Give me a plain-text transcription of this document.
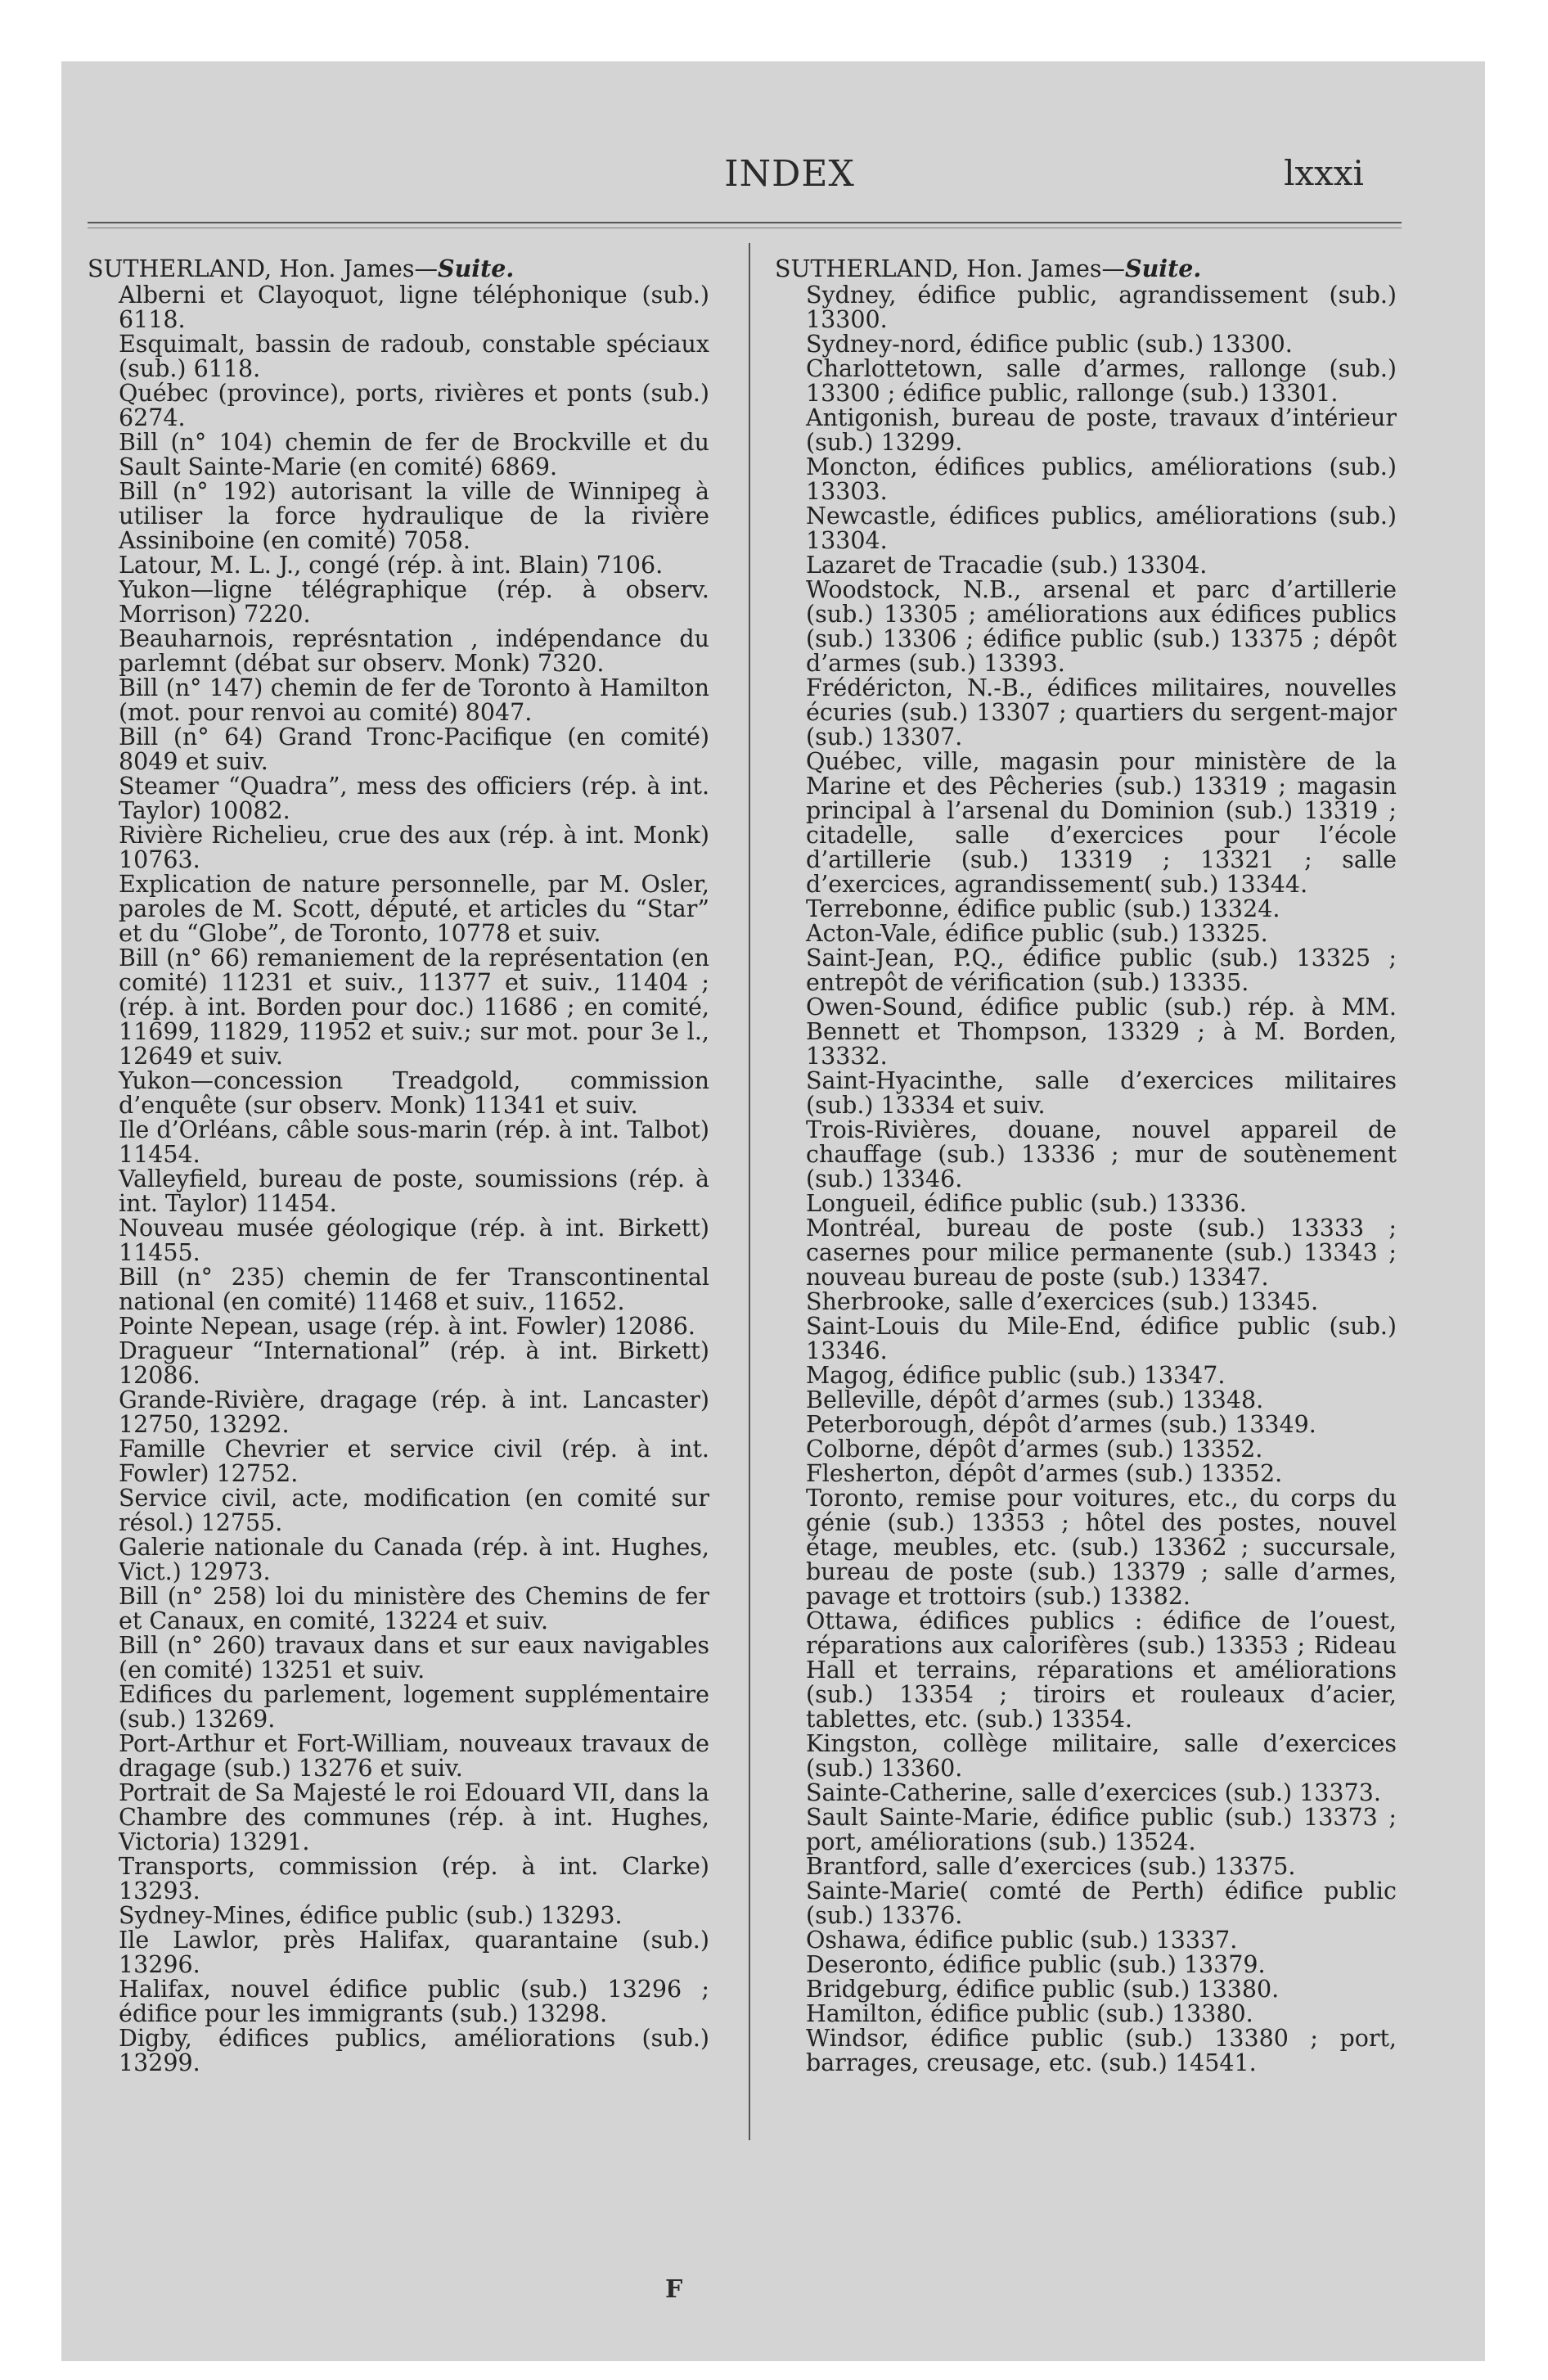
INDEX	lxxxi
SUTHERLAND, Hon. James—Suite.
Alberni et Clayoquot, ligne téléphonique (sub.) 6118.
Esquimalt, bassin de radoub, constable spéciaux (sub.) 6118.
Québec (province), ports, rivières et ponts (sub.) 6274.
Bill (n° 104) chemin de fer de Brockville et du Sault Sainte-Marie (en comité) 6869.
Bill (n° 192) autorisant la ville de Winnipeg à utiliser la force hydraulique de la rivière Assiniboine (en comité) 7058.
Latour, M. L. J., congé (rép. à int. Blain) 7106.
Yukon—ligne télégraphique (rép. à observ. Morrison) 7220.
Beauharnois, représntation , indépendance du parlemnt (débat sur observ. Monk) 7320.
Bill (n° 147) chemin de fer de Toronto à Hamilton (mot. pour renvoi au comité) 8047.
Bill (n° 64) Grand Tronc-Pacifique (en comité) 8049 et suiv.
Steamer “Quadra”, mess des officiers (rép. à int. Taylor) 10082.
Rivière Richelieu, crue des aux (rép. à int. Monk) 10763.
Explication de nature personnelle, par M. Osler, paroles de M. Scott, député, et articles du “Star” et du “Globe”, de Toronto, 10778 et suiv.
Bill (n° 66) remaniement de la représentation (en comité) 11231 et suiv., 11377 et suiv., 11404 ; (rép. à int. Borden pour doc.) 11686 ; en comité, 11699, 11829, 11952 et suiv.; sur mot. pour 3e l., 12649 et suiv.
Yukon—concession Treadgold, commission d’enquête (sur observ. Monk) 11341 et suiv.
Ile d’Orléans, câble sous-marin (rép. à int. Talbot) 11454.
Valleyfield, bureau de poste, soumissions (rép. à int. Taylor) 11454.
Nouveau musée géologique (rép. à int. Birkett) 11455.
Bill (n° 235) chemin de fer Transcontinental national (en comité) 11468 et suiv., 11652.
Pointe Nepean, usage (rép. à int. Fowler) 12086.
Dragueur “International” (rép. à int. Birkett) 12086.
Grande-Rivière, dragage (rép. à int. Lancaster) 12750, 13292.
Famille Chevrier et service civil (rép. à int. Fowler) 12752.
Service civil, acte, modification (en comité sur résol.) 12755.
Galerie nationale du Canada (rép. à int. Hughes, Vict.) 12973.
Bill (n° 258) loi du ministère des Chemins de fer et Canaux, en comité, 13224 et suiv.
Bill (n° 260) travaux dans et sur eaux navigables (en comité) 13251 et suiv.
Edifices du parlement, logement supplémentaire (sub.) 13269.
Port-Arthur et Fort-William, nouveaux travaux de dragage (sub.) 13276 et suiv.
Portrait de Sa Majesté le roi Edouard VII, dans la Chambre des communes (rép. à int. Hughes, Victoria) 13291.
Transports, commission (rép. à int. Clarke) 13293.
Sydney-Mines, édifice public (sub.) 13293.
Ile Lawlor, près Halifax, quarantaine (sub.) 13296.
Halifax, nouvel édifice public (sub.) 13296 ; édifice pour les immigrants (sub.) 13298.
Digby, édifices publics, améliorations (sub.) 13299.
SUTHERLAND, Hon. James—Suite.
Sydney, édifice public, agrandissement (sub.) 13300.
Sydney-nord, édifice public (sub.) 13300.
Charlottetown, salle d’armes, rallonge (sub.) 13300 ; édifice public, rallonge (sub.) 13301.
Antigonish, bureau de poste, travaux d’intérieur (sub.) 13299.
Moncton, édifices publics, améliorations (sub.) 13303.
Newcastle, édifices publics, améliorations (sub.) 13304.
Lazaret de Tracadie (sub.) 13304.
Woodstock, N.B., arsenal et parc d’artillerie (sub.) 13305 ; améliorations aux édifices publics (sub.) 13306 ; édifice public (sub.) 13375 ; dépôt d’armes (sub.) 13393.
Frédéricton, N.-B., édifices militaires, nouvelles écuries (sub.) 13307 ; quartiers du sergent-major (sub.) 13307.
Québec, ville, magasin pour ministère de la Marine et des Pêcheries (sub.) 13319 ; magasin principal à l’arsenal du Dominion (sub.) 13319 ; citadelle, salle d’exercices pour l’école d’artillerie (sub.) 13319 ; 13321 ; salle d’exercices, agrandissement( sub.) 13344.
Terrebonne, édifice public (sub.) 13324.
Acton-Vale, édifice public (sub.) 13325.
Saint-Jean, P.Q., édifice public (sub.) 13325 ; entrepôt de vérification (sub.) 13335.
Owen-Sound, édifice public (sub.) rép. à MM. Bennett et Thompson, 13329 ; à M. Borden, 13332.
Saint-Hyacinthe, salle d’exercices militaires (sub.) 13334 et suiv.
Trois-Rivières, douane, nouvel appareil de chauffage (sub.) 13336 ; mur de soutènement (sub.) 13346.
Longueil, édifice public (sub.) 13336.
Montréal, bureau de poste (sub.) 13333 ; casernes pour milice permanente (sub.) 13343 ; nouveau bureau de poste (sub.) 13347.
Sherbrooke, salle d’exercices (sub.) 13345.
Saint-Louis du Mile-End, édifice public (sub.) 13346.
Magog, édifice public (sub.) 13347.
Belleville, dépôt d’armes (sub.) 13348.
Peterborough, dépôt d’armes (sub.) 13349.
Colborne, dépôt d’armes (sub.) 13352.
Flesherton, dépôt d’armes (sub.) 13352.
Toronto, remise pour voitures, etc., du corps du génie (sub.) 13353 ; hôtel des postes, nouvel étage, meubles, etc. (sub.) 13362 ; succursale, bureau de poste (sub.) 13379 ; salle d’armes, pavage et trottoirs (sub.) 13382.
Ottawa, édifices publics : édifice de l’ouest, réparations aux calorifères (sub.) 13353 ; Rideau Hall et terrains, réparations et améliorations (sub.) 13354 ; tiroirs et rouleaux d’acier, tablettes, etc. (sub.) 13354.
Kingston, collège militaire, salle d’exercices (sub.) 13360.
Sainte-Catherine, salle d’exercices (sub.) 13373.
Sault Sainte-Marie, édifice public (sub.) 13373 ; port, améliorations (sub.) 13524.
Brantford, salle d’exercices (sub.) 13375.
Sainte-Marie( comté de Perth) édifice public (sub.) 13376.
Oshawa, édifice public (sub.) 13337.
Deseronto, édifice public (sub.) 13379.
Bridgeburg, édifice public (sub.) 13380.
Hamilton, édifice public (sub.) 13380.
Windsor, édifice public (sub.) 13380 ; port, barrages, creusage, etc. (sub.) 14541.
F
